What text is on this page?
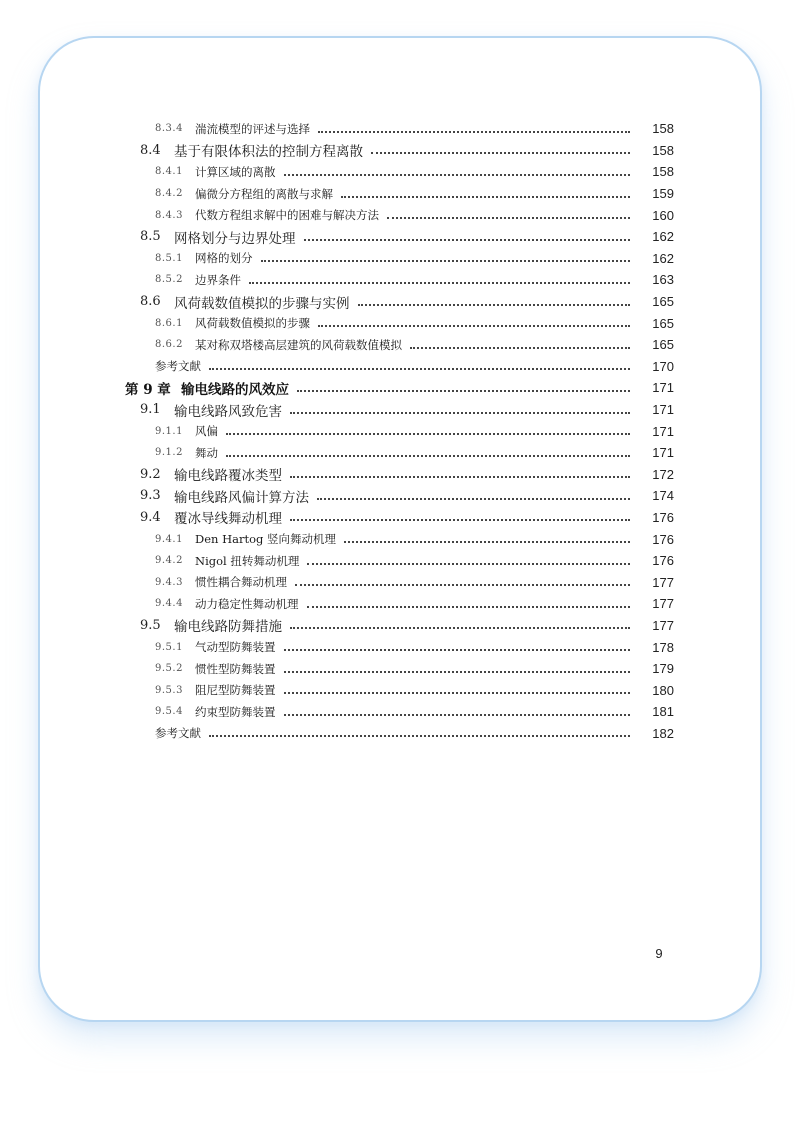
8.3.4	湍流模型的评述与选择	158
8.4 基于有限体积法的控制方程离散	158
8.4.1	计算区域的离散	158
8.4.2	偏微分方程组的离散与求解	159
8.4.3	代数方程组求解中的困难与解决方法	160
8.5 网格划分与边界处理	162
8.5.1	网格的划分	162
8.5.2	边界条件	163
8.6 风荷载数值模拟的步骤与实例	165
8.6.1	风荷载数值模拟的步骤	165
8.6.2	某对称双塔楼高层建筑的风荷载数值模拟	165
参考文献	170
第 9 章 输电线路的风效应	171
9.1 输电线路风致危害	171
9.1.1	风偏	171
9.1.2	舞动	171
9.2 输电线路覆冰类型	172
9.3 输电线路风偏计算方法	174
9.4 覆冰导线舞动机理	176
9.4.1	Den Hartog 竖向舞动机理	176
9.4.2	Nigol 扭转舞动机理	176
9.4.3	惯性耦合舞动机理	177
9.4.4	动力稳定性舞动机理	177
9.5 输电线路防舞措施	177
9.5.1	气动型防舞装置	178
9.5.2	惯性型防舞装置	179
9.5.3	阻尼型防舞装置	180
9.5.4	约束型防舞装置	181
参考文献	182
9
